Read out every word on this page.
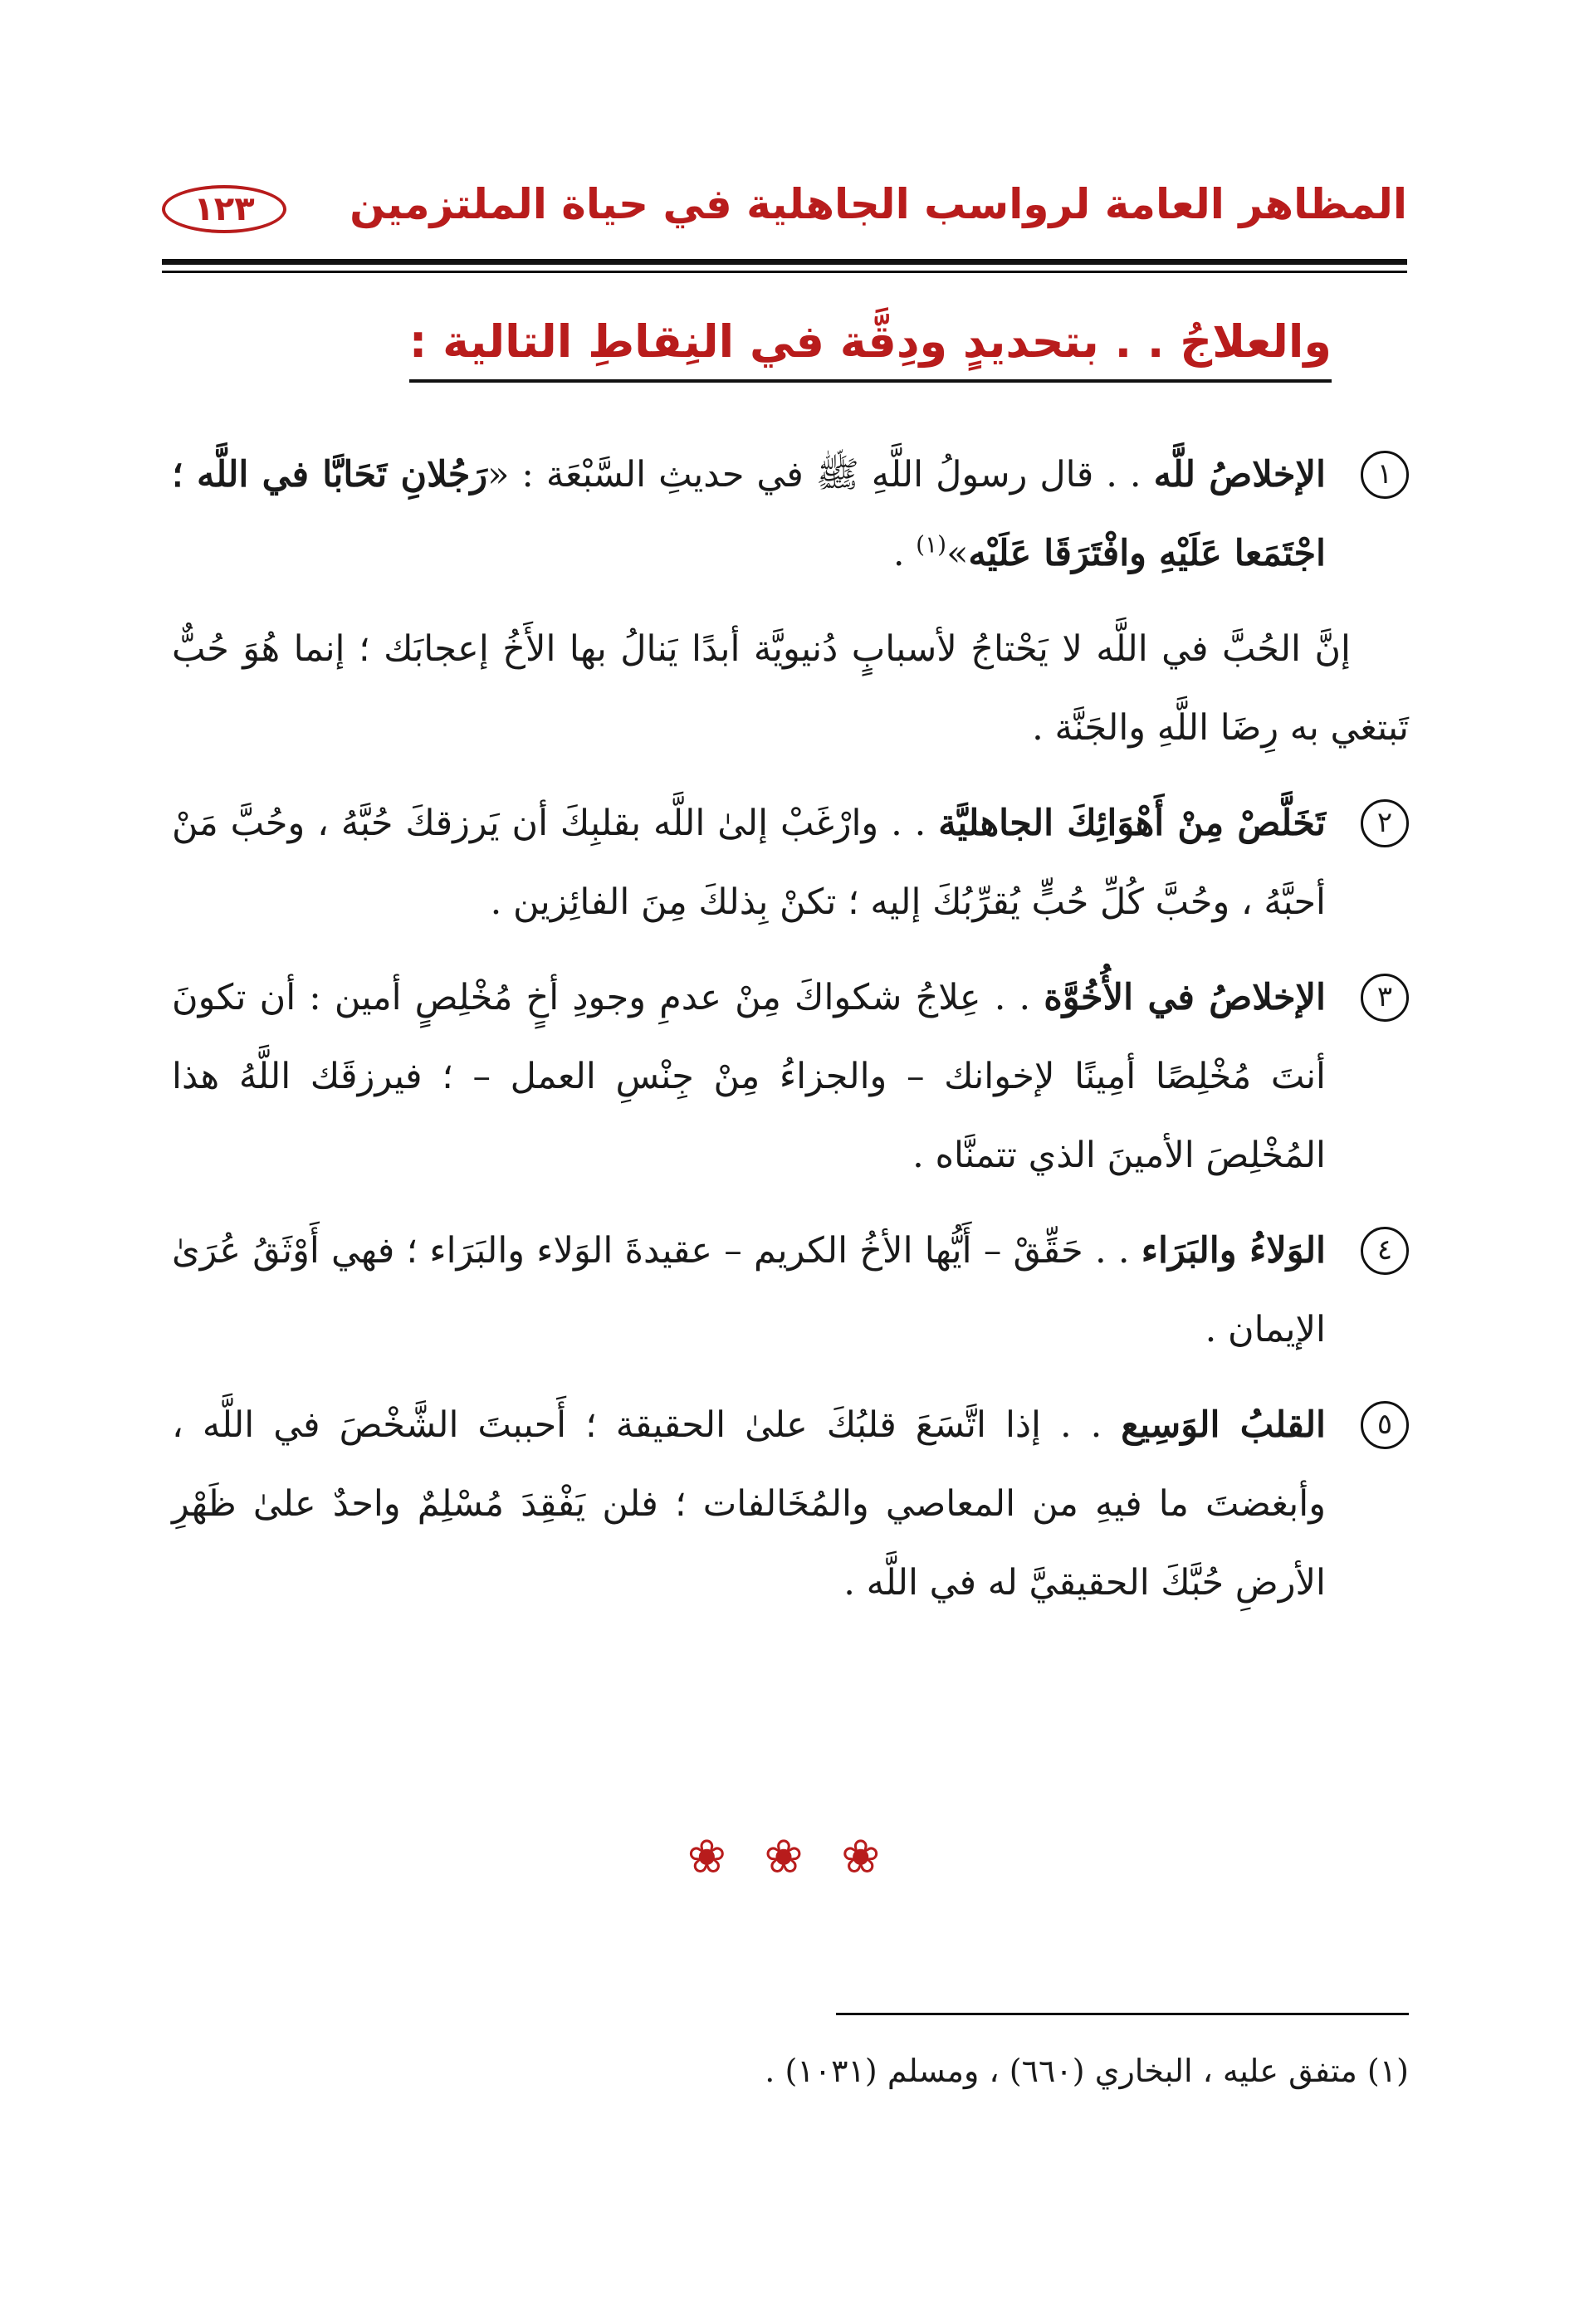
المظاهر العامة لرواسب الجاهلية في حياة الملتزمين
١٢٣
والعلاجُ . . بتحديدٍ ودِقَّة في النِقاطِ التالية :
١
الإخلاصُ للَّه . . قال رسولُ اللَّهِ ﷺ في حديثِ السَّبْعَة : «رَجُلانِ تَحَابَّا في اللَّه ؛ اجْتَمَعا عَلَيْهِ وافْتَرَقَا عَلَيْه»$^{(١)}$ .
إنَّ الحُبَّ في اللَّه لا يَحْتاجُ لأسبابٍ دُنيويَّة أبدًا يَنالُ بها الأَخُ إعجابَك ؛ إنما هُوَ حُبٌّ تَبتغي به رِضَا اللَّهِ والجَنَّة .
٢
تَخَلَّصْ مِنْ أَهْوَائِكَ الجاهليَّة . . وارْغَبْ إلىٰ اللَّه بقلبِكَ أن يَرزقكَ حُبَّهُ ، وحُبَّ مَنْ أحبَّهُ ، وحُبَّ كُلِّ حُبٍّ يُقرِّبُكَ إليه ؛ تكنْ بِذلكَ مِنَ الفائِزين .
٣
الإخلاصُ في الأُخُوَّة . . عِلاجُ شكواكَ مِنْ عدمِ وجودِ أخٍ مُخْلِصٍ أمين : أن تكونَ أنتَ مُخْلِصًا أمِينًا لإخوانك – والجزاءُ مِنْ جِنْسِ العمل – ؛ فيرزقَك اللَّهُ هذا المُخْلِصَ الأمينَ الذي تتمنَّاه .
٤
الوَلاءُ والبَرَاء . . حَقِّقْ – أَيُّها الأخُ الكريم – عقيدةَ الوَلاء والبَرَاء ؛ فهي أَوْثَقُ عُرَىٰ الإيمان .
٥
القلبُ الوَسِيع . . إذا اتَّسَعَ قلبُكَ علىٰ الحقيقة ؛ أَحببتَ الشَّخْصَ في اللَّه ، وأبغضتَ ما فيهِ من المعاصي والمُخَالفات ؛ فلن يَفْقِدَ مُسْلِمٌ واحدٌ علىٰ ظَهْرِ الأرضِ حُبَّكَ الحقيقيَّ له في اللَّه .
❀ ❀ ❀
(١) متفق عليه ، البخاري (٦٦٠) ، ومسلم (١٠٣١) .
